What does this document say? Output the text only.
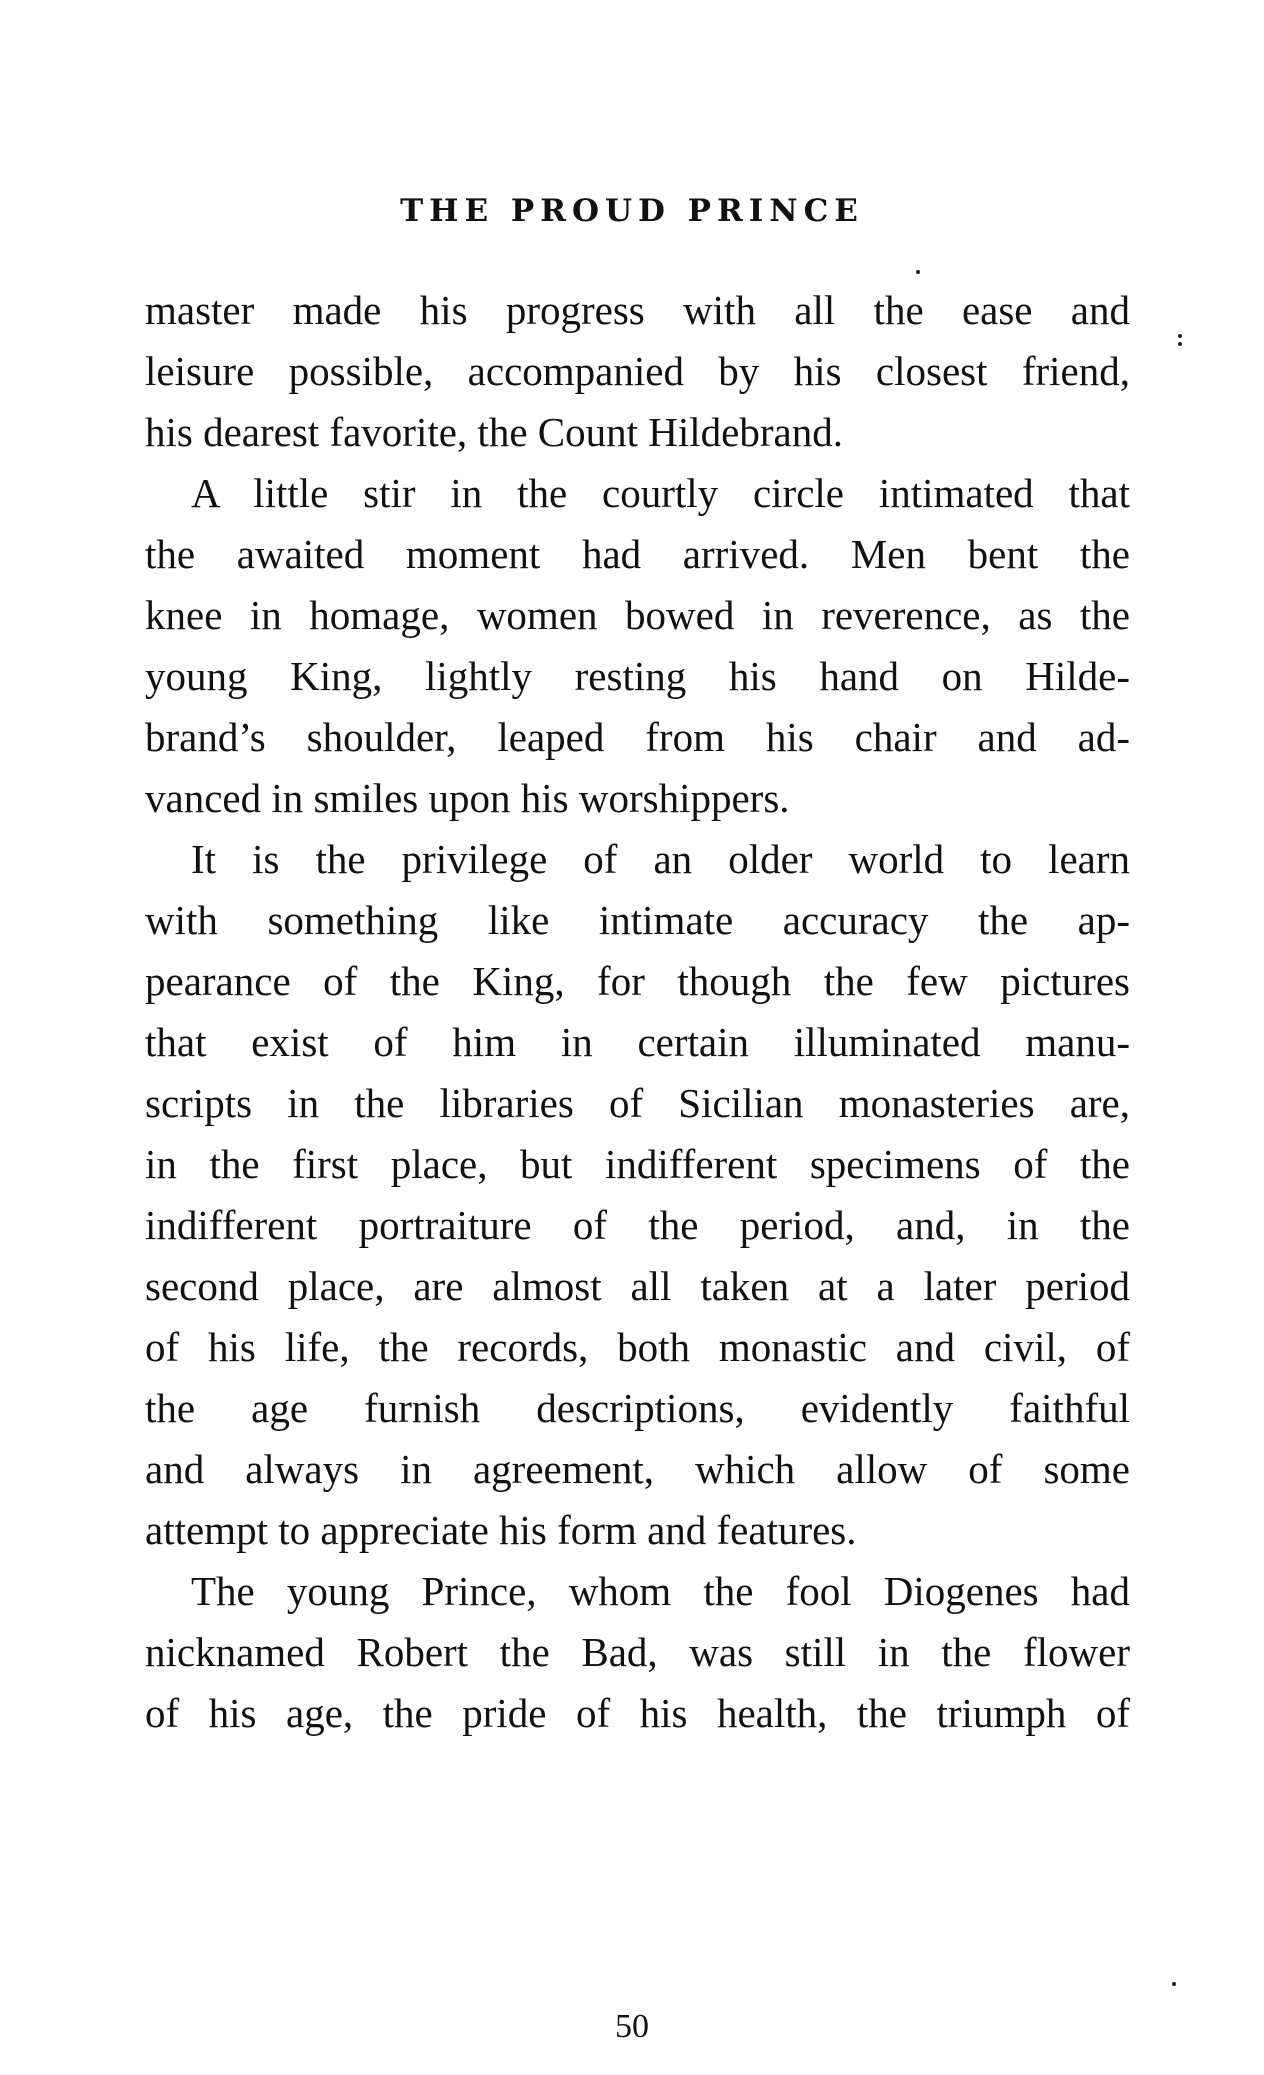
THE PROUD PRINCE
master made his progress with all the ease and
leisure possible, accompanied by his closest friend,
his dearest favorite, the Count Hildebrand.
A little stir in the courtly circle intimated that
the awaited moment had arrived. Men bent the
knee in homage, women bowed in reverence, as the
young King, lightly resting his hand on Hilde-
brand’s shoulder, leaped from his chair and ad-
vanced in smiles upon his worshippers.
It is the privilege of an older world to learn
with something like intimate accuracy the ap-
pearance of the King, for though the few pictures
that exist of him in certain illuminated manu-
scripts in the libraries of Sicilian monasteries are,
in the first place, but indifferent specimens of the
indifferent portraiture of the period, and, in the
second place, are almost all taken at a later period
of his life, the records, both monastic and civil, of
the age furnish descriptions, evidently faithful
and always in agreement, which allow of some
attempt to appreciate his form and features.
The young Prince, whom the fool Diogenes had
nicknamed Robert the Bad, was still in the flower
of his age, the pride of his health, the triumph of
50
